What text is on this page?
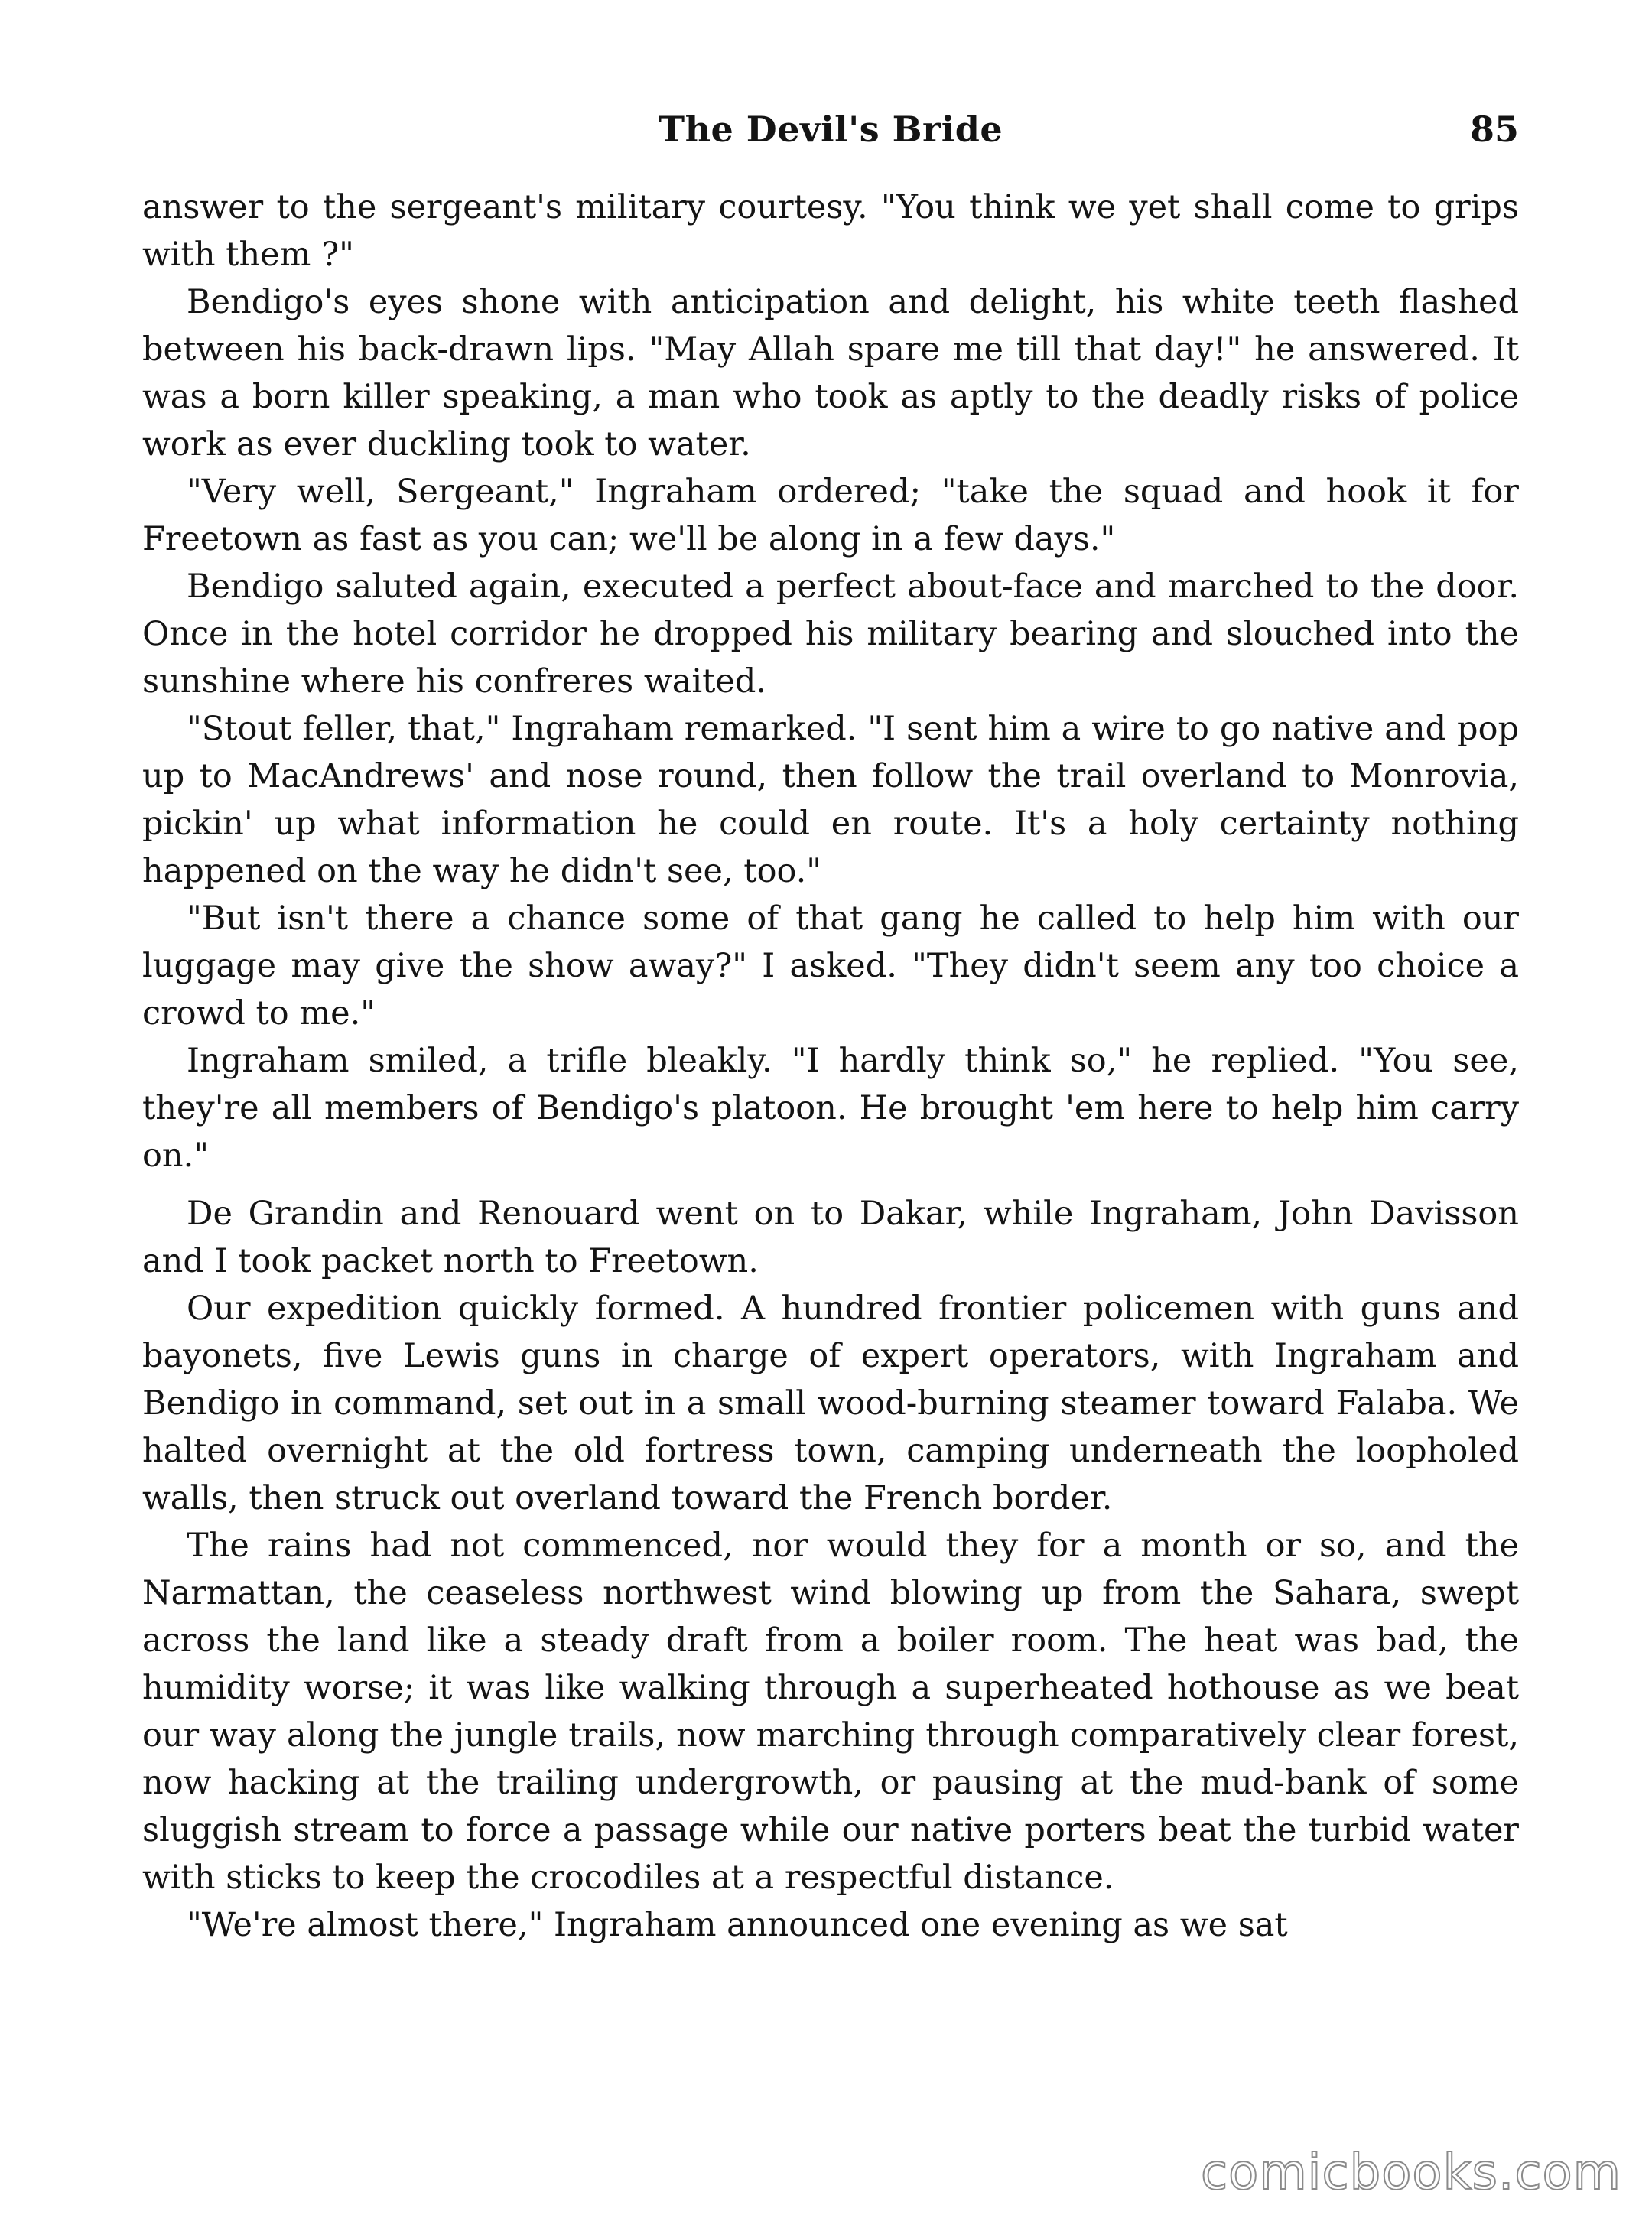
The Devil's Bride	85

answer to the sergeant's military courtesy. "You think we yet shall come to grips with them ?"

Bendigo's eyes shone with anticipation and delight, his white teeth flashed between his back-drawn lips. "May Allah spare me till that day!" he answered. It was a born killer speaking, a man who took as aptly to the deadly risks of police work as ever duckling took to water.

"Very well, Sergeant," Ingraham ordered; "take the squad and hook it for Freetown as fast as you can; we'll be along in a few days."

Bendigo saluted again, executed a perfect about-face and marched to the door. Once in the hotel corridor he dropped his military bearing and slouched into the sunshine where his confreres waited.

"Stout feller, that," Ingraham remarked. "I sent him a wire to go native and pop up to MacAndrews' and nose round, then follow the trail overland to Monrovia, pickin' up what information he could en route. It's a holy certainty nothing happened on the way he didn't see, too."

"But isn't there a chance some of that gang he called to help him with our luggage may give the show away?" I asked. "They didn't seem any too choice a crowd to me."

Ingraham smiled, a trifle bleakly. "I hardly think so," he replied. "You see, they're all members of Bendigo's platoon. He brought 'em here to help him carry on."

De Grandin and Renouard went on to Dakar, while Ingraham, John Davisson and I took packet north to Freetown.

Our expedition quickly formed. A hundred frontier policemen with guns and bayonets, five Lewis guns in charge of expert operators, with Ingraham and Bendigo in command, set out in a small wood-burning steamer toward Falaba. We halted overnight at the old fortress town, camping underneath the loopholed walls, then struck out overland toward the French border.

The rains had not commenced, nor would they for a month or so, and the Narmattan, the ceaseless northwest wind blowing up from the Sahara, swept across the land like a steady draft from a boiler room. The heat was bad, the humidity worse; it was like walking through a superheated hothouse as we beat our way along the jungle trails, now marching through comparatively clear forest, now hacking at the trailing undergrowth, or pausing at the mud-bank of some sluggish stream to force a passage while our native porters beat the turbid water with sticks to keep the crocodiles at a respectful distance.

"We're almost there," Ingraham announced one evening as we sat

comicbooks.com
